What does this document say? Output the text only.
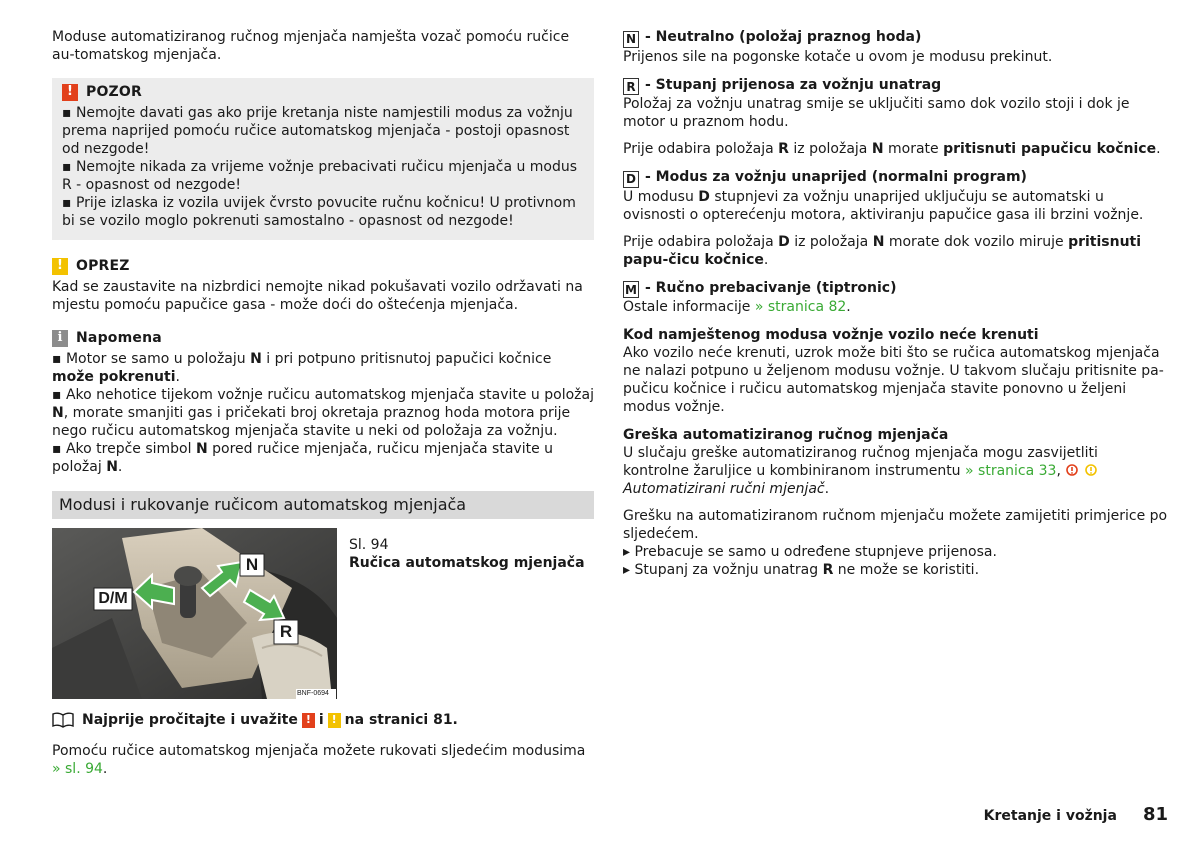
Moduse automatiziranog ručnog mjenjača namješta vozač pomoću ručice au-tomatskog mjenjača.

! POZOR

▪ Nemojte davati gas ako prije kretanja niste namjestili modus za vožnju prema naprijed pomoću ručice automatskog mjenjača - postoji opasnost od nezgode!

▪ Nemojte nikada za vrijeme vožnje prebacivati ručicu mjenjača u modus R - opasnost od nezgode!

▪ Prije izlaska iz vozila uvijek čvrsto povucite ručnu kočnicu! U protivnom bi se vozilo moglo pokrenuti samostalno - opasnost od nezgode!

! OPREZ

Kad se zaustavite na nizbrdici nemojte nikad pokušavati vozilo održavati na mjestu pomoću papučice gasa - može doći do oštećenja mjenjača.

i Napomena

▪ Motor se samo u položaju N i pri potpuno pritisnutoj papučici kočnice može pokrenuti.

▪ Ako nehotice tijekom vožnje ručicu automatskog mjenjača stavite u položaj N, morate smanjiti gas i pričekati broj okretaja praznog hoda motora prije nego ručicu automatskog mjenjača stavite u neki od položaja za vožnju.

▪ Ako trepče simbol N pored ručice mjenjača, ručicu mjenjača stavite u položaj N.

Modusi i rukovanje ručicom automatskog mjenjača
D/M
N
R
BNF-0694

Sl. 94

Ručica automatskog mjenjača

Najprije pročitajte i uvažite ! i ! na stranici 81.

Pomoću ručice automatskog mjenjača možete rukovati sljedećim modusima
» sl. 94.

N - Neutralno (položaj praznog hoda)

Prijenos sile na pogonske kotače u ovom je modusu prekinut.

R - Stupanj prijenosa za vožnju unatrag

Položaj za vožnju unatrag smije se uključiti samo dok vozilo stoji i dok je motor u praznom hodu.

Prije odabira položaja R iz položaja N morate pritisnuti papučicu kočnice.

D - Modus za vožnju unaprijed (normalni program)

U modusu D stupnjevi za vožnju unaprijed uključuju se automatski u ovisnosti o opterećenju motora, aktiviranju papučice gasa ili brzini vožnje.

Prije odabira položaja D iz položaja N morate dok vozilo miruje pritisnuti papu-čicu kočnice.

M - Ručno prebacivanje (tiptronic)

Ostale informacije » stranica 82.

Kod namještenog modusa vožnje vozilo neće krenuti

Ako vozilo neće krenuti, uzrok može biti što se ručica automatskog mjenjača ne nalazi potpuno u željenom modusu vožnje. U takvom slučaju pritisnite pa-pučicu kočnice i ručicu automatskog mjenjača stavite ponovno u željeni modus vožnje.

Greška automatiziranog ručnog mjenjača

U slučaju greške automatiziranog ručnog mjenjača mogu zasvijetliti kontrolne žaruljice u kombiniranom instrumentu » stranica 33,   Automatizirani ručni mjenjač.

Grešku na automatiziranom ručnom mjenjaču možete zamijetiti primjerice po sljedećem.

▸ Prebacuje se samo u određene stupnjeve prijenosa.

▸ Stupanj za vožnju unatrag R ne može se koristiti.

Kretanje i vožnja 81
